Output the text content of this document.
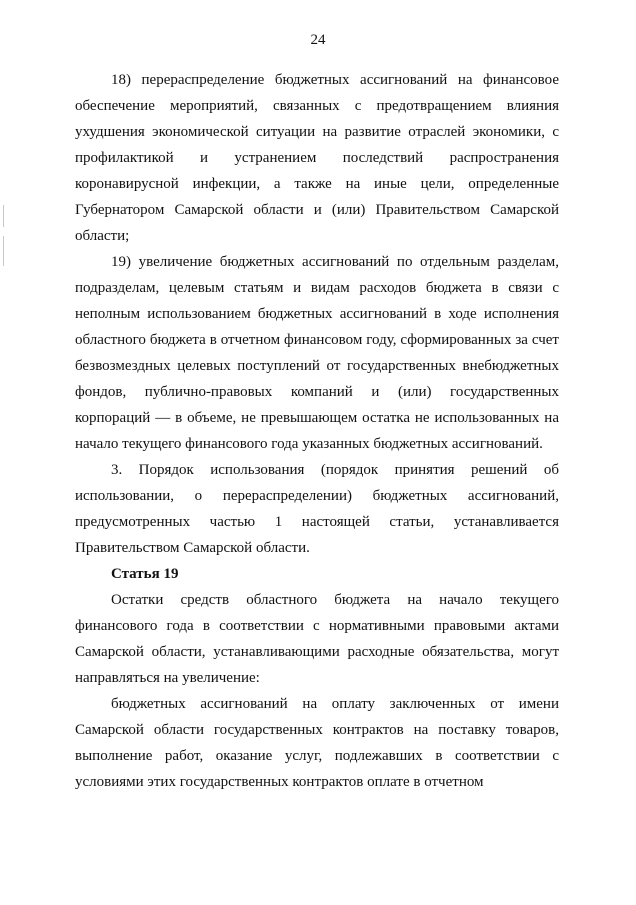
24

18) перераспределение бюджетных ассигнований на финансовое обеспечение мероприятий, связанных с предотвращением влияния ухудшения экономической ситуации на развитие отраслей экономики, с профилактикой и устранением последствий распространения коронавирусной инфекции, а также на иные цели, определенные Губернатором Самарской области и (или) Правительством Самарской области;

19) увеличение бюджетных ассигнований по отдельным разделам, подразделам, целевым статьям и видам расходов бюджета в связи с неполным использованием бюджетных ассигнований в ходе исполнения областного бюджета в отчетном финансовом году, сформированных за счет безвозмездных целевых поступлений от государственных внебюджетных фондов, публично-правовых компаний и (или) государственных корпораций — в объеме, не превышающем остатка не использованных на начало текущего финансового года указанных бюджетных ассигнований.

3. Порядок использования (порядок принятия решений об использовании, о перераспределении) бюджетных ассигнований, предусмотренных частью 1 настоящей статьи, устанавливается Правительством Самарской области.

Статья 19

Остатки средств областного бюджета на начало текущего финансового года в соответствии с нормативными правовыми актами Самарской области, устанавливающими расходные обязательства, могут направляться на увеличение:

бюджетных ассигнований на оплату заключенных от имени Самарской области государственных контрактов на поставку товаров, выполнение работ, оказание услуг, подлежавших в соответствии с условиями этих государственных контрактов оплате в отчетном
